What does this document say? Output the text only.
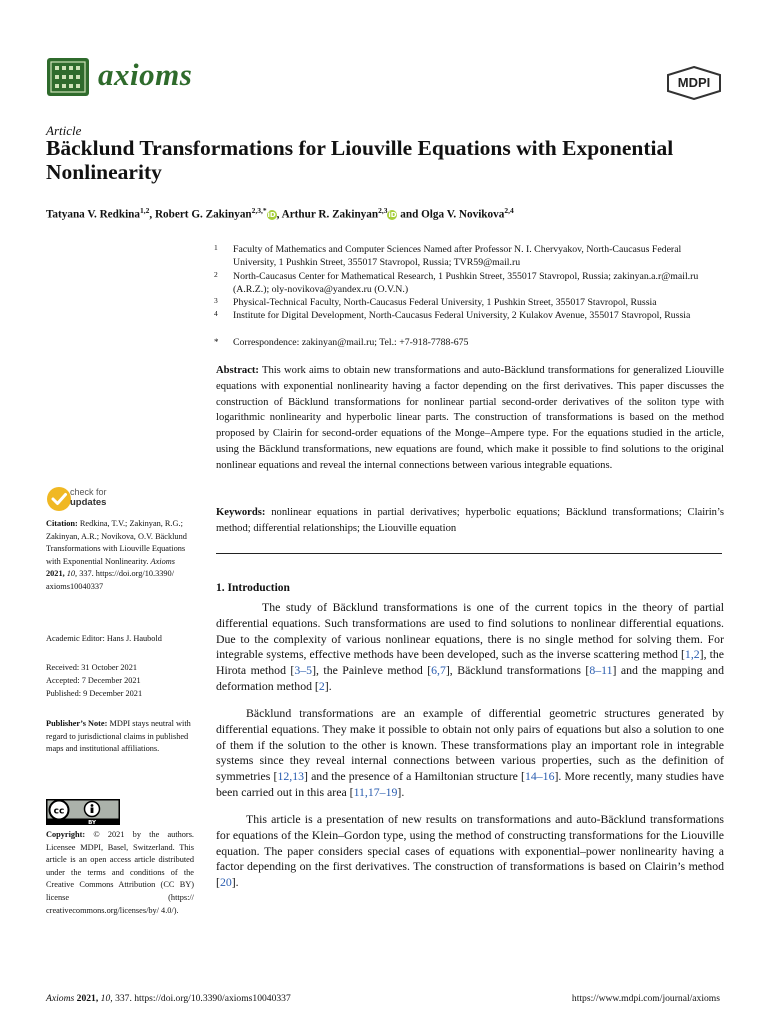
axioms	MDPI
Article
Bäcklund Transformations for Liouville Equations with Exponential Nonlinearity
Tatyana V. Redkina$^{1,2}$, Robert G. Zakinyan$^{2,3,*}$iD, Arthur R. Zakinyan$^{2,3}$iD and Olga V. Novikova$^{2,4}$
1 Faculty of Mathematics and Computer Sciences Named after Professor N. I. Chervyakov, North-Caucasus Federal University, 1 Pushkin Street, 355017 Stavropol, Russia; TVR59@mail.ru
2 North-Caucasus Center for Mathematical Research, 1 Pushkin Street, 355017 Stavropol, Russia; zakinyan.a.r@mail.ru (A.R.Z.); oly-novikova@yandex.ru (O.V.N.)
3 Physical-Technical Faculty, North-Caucasus Federal University, 1 Pushkin Street, 355017 Stavropol, Russia
4 Institute for Digital Development, North-Caucasus Federal University, 2 Kulakov Avenue, 355017 Stavropol, Russia
* Correspondence: zakinyan@mail.ru; Tel.: +7-918-7788-675
Abstract: This work aims to obtain new transformations and auto-Bäcklund transformations for generalized Liouville equations with exponential nonlinearity having a factor depending on the first derivatives. This paper discusses the construction of Bäcklund transformations for nonlinear partial second-order derivatives of the soliton type with logarithmic nonlinearity and hyperbolic linear parts. The construction of transformations is based on the method proposed by Clairin for second-order equations of the Monge–Ampere type. For the equations studied in the article, using the Bäcklund transformations, new equations are found, which make it possible to find solutions to the original nonlinear equations and reveal the internal connections between various integrable equations.
Keywords: nonlinear equations in partial derivatives; hyperbolic equations; Bäcklund transformations; Clairin’s method; differential relationships; the Liouville equation
check for
updates
Citation: Redkina, T.V.; Zakinyan, R.G.; Zakinyan, A.R.; Novikova, O.V. Bäcklund Transformations with Liouville Equations with Exponential Nonlinearity. Axioms 2021, 10, 337. https://doi.org/10.3390/ axioms10040337
Academic Editor: Hans J. Haubold
Received: 31 October 2021
Accepted: 7 December 2021
Published: 9 December 2021
Publisher’s Note: MDPI stays neutral with regard to jurisdictional claims in published maps and institutional affiliations.
cc
BY
Copyright: © 2021 by the authors. Licensee MDPI, Basel, Switzerland. This article is an open access article distributed under the terms and conditions of the Creative Commons Attribution (CC BY) license (https:// creativecommons.org/licenses/by/ 4.0/).
1. Introduction
The study of Bäcklund transformations is one of the current topics in the theory of partial differential equations. Such transformations are used to find solutions to nonlinear differential equations. Due to the complexity of various nonlinear equations, there is no single method for solving them. For integrable systems, effective methods have been developed, such as the inverse scattering method [1,2], the Hirota method [3–5], the Painleve method [6,7], Bäcklund transformations [8–11] and the mapping and deformation method [2].
Bäcklund transformations are an example of differential geometric structures generated by differential equations. They make it possible to obtain not only pairs of equations but also a solution to one of them if the solution to the other is known. These transformations play an important role in integrable systems since they reveal internal connections between various properties, such as the definition of symmetries [12,13] and the presence of a Hamiltonian structure [14–16]. More recently, many studies have been carried out in this area [11,17–19].
This article is a presentation of new results on transformations and auto-Bäcklund transformations for equations of the Klein–Gordon type, using the method of constructing transformations for the Liouville equation. The paper considers special cases of equations with exponential–power nonlinearity having a factor depending on the first derivatives. The construction of transformations is based on Clairin’s method [20].
Axioms 2021, 10, 337. https://doi.org/10.3390/axioms10040337	https://www.mdpi.com/journal/axioms
